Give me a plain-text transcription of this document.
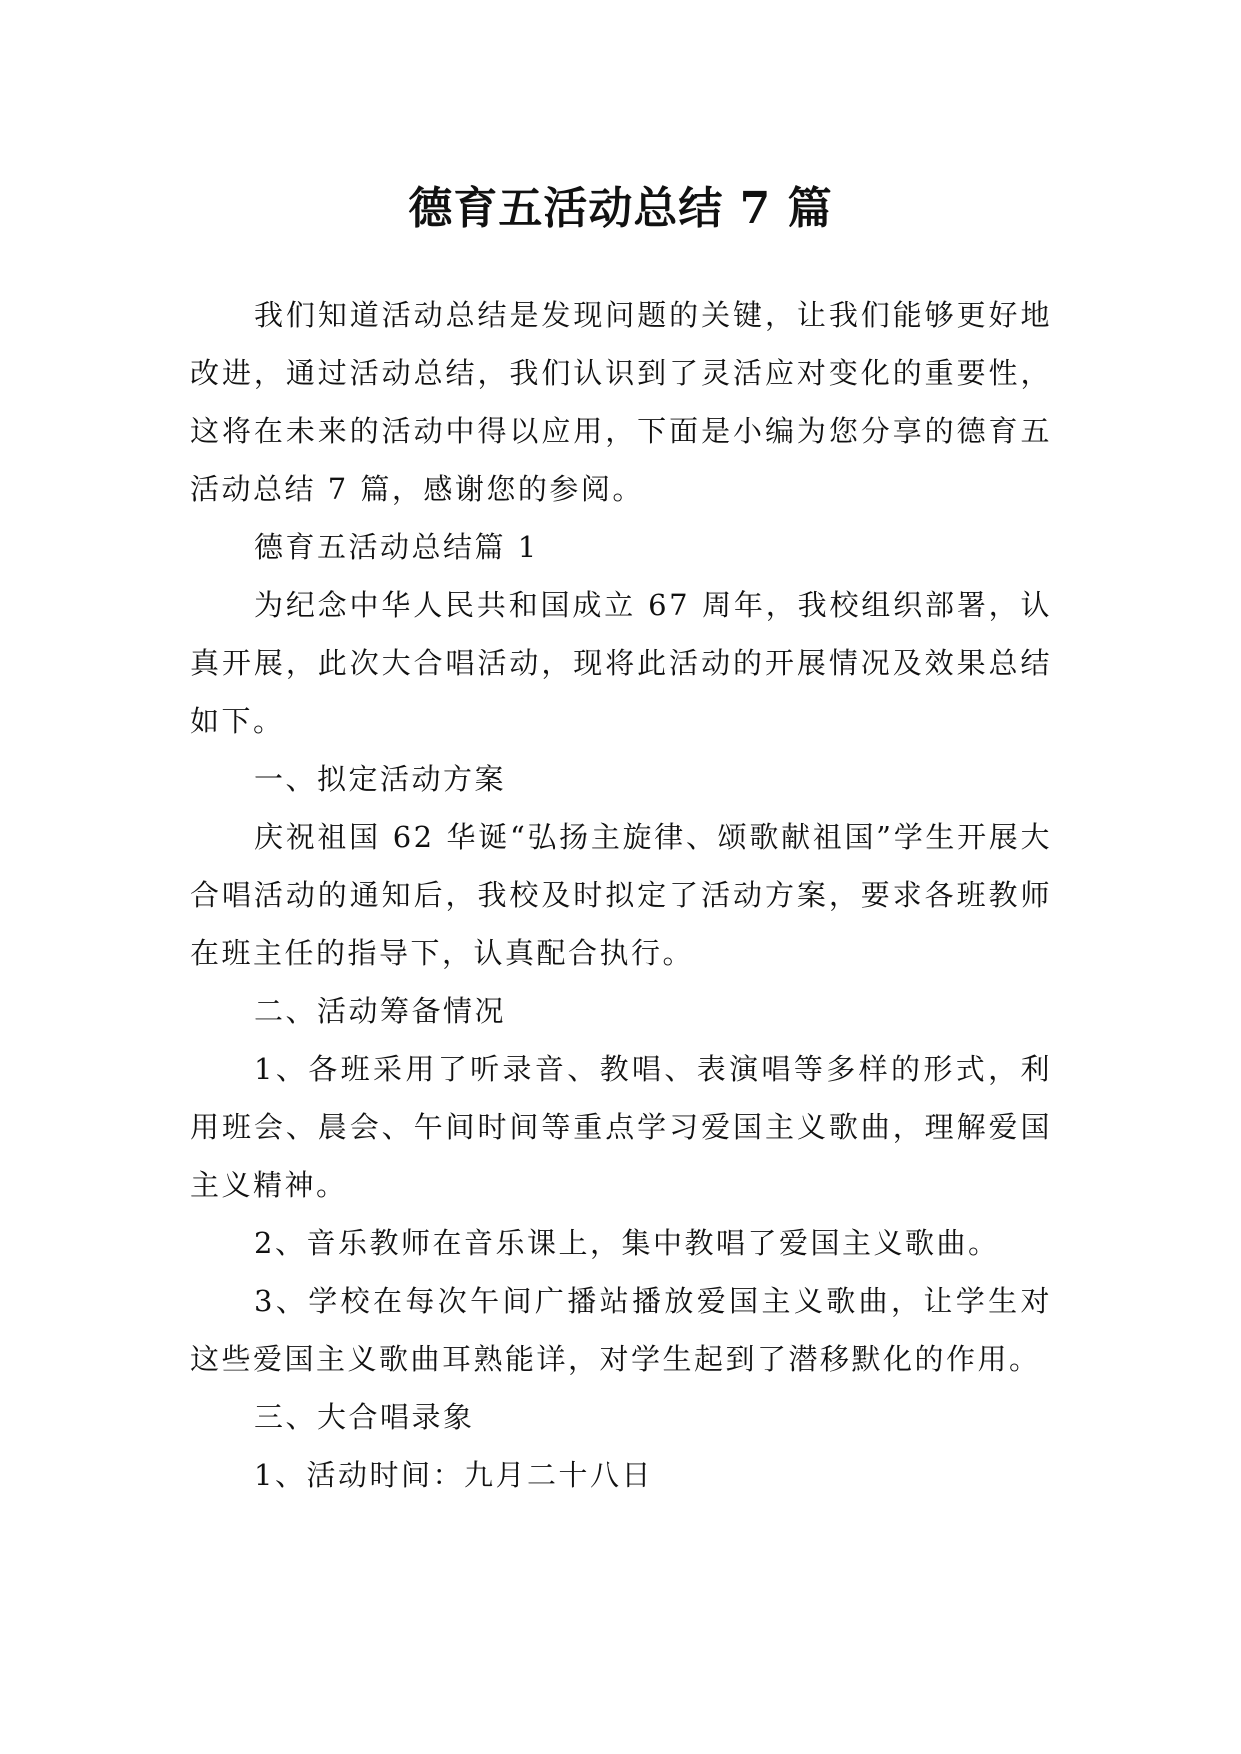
德育五活动总结 7 篇

我们知道活动总结是发现问题的关键，让我们能够更好地改进，通过活动总结，我们认识到了灵活应对变化的重要性，这将在未来的活动中得以应用，下面是小编为您分享的德育五活动总结 7 篇，感谢您的参阅。

德育五活动总结篇 1

为纪念中华人民共和国成立 67 周年，我校组织部署，认真开展，此次大合唱活动，现将此活动的开展情况及效果总结如下。

一、拟定活动方案

庆祝祖国 62 华诞“弘扬主旋律、颂歌献祖国”学生开展大合唱活动的通知后，我校及时拟定了活动方案，要求各班教师在班主任的指导下，认真配合执行。

二、活动筹备情况

1、各班采用了听录音、教唱、表演唱等多样的形式，利用班会、晨会、午间时间等重点学习爱国主义歌曲，理解爱国主义精神。

2、音乐教师在音乐课上，集中教唱了爱国主义歌曲。

3、学校在每次午间广播站播放爱国主义歌曲，让学生对这些爱国主义歌曲耳熟能详，对学生起到了潜移默化的作用。

三、大合唱录象

1、活动时间：九月二十八日
